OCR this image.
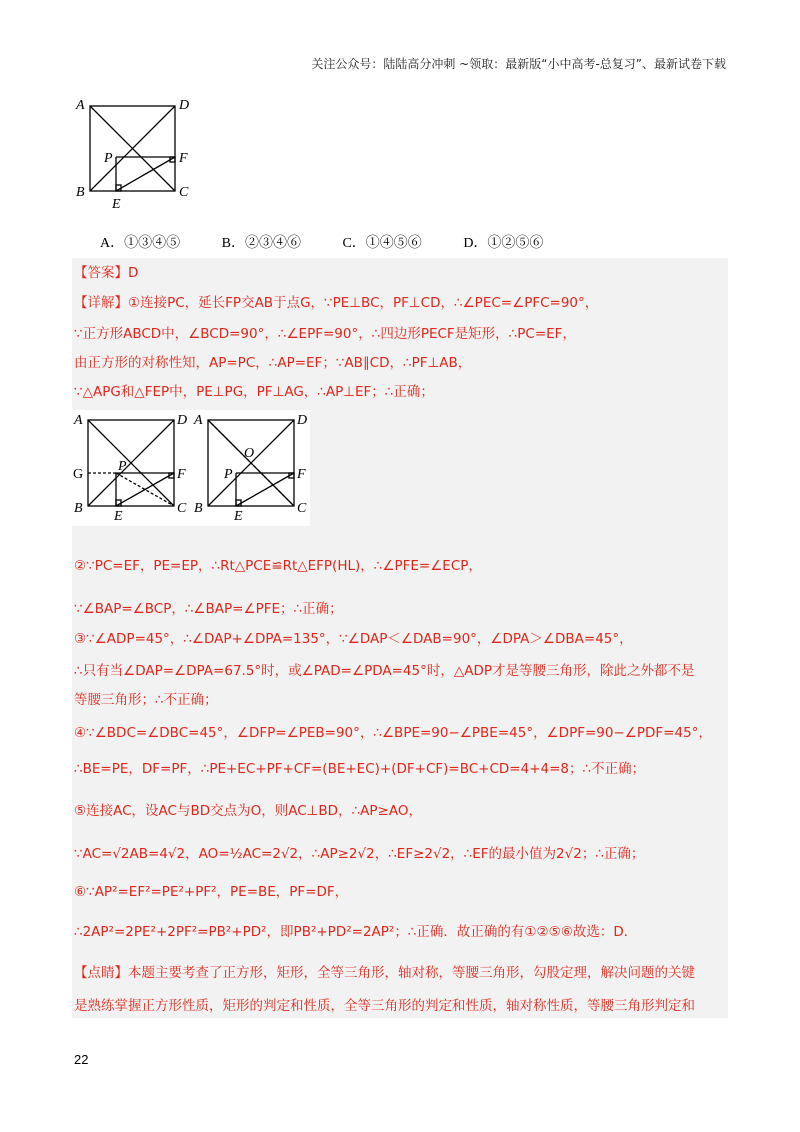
关注公众号：陆陆高分冲刺 ~领取：最新版“小中高考-总复习”、最新试卷下载
A	D
P	F
B
E
C
A．①③④⑤	B．②③④⑥	C．①④⑤⑥	D．①②⑤⑥
【答案】D
【详解】①连接PC，延长FP交AB于点G，∵PE⊥BC，PF⊥CD，∴∠PEC=∠PFC=90°，
∵正方形ABCD中，∠BCD=90°，∴∠EPF=90°，∴四边形PECF是矩形，∴PC=EF，
由正方形的对称性知，AP=PC，∴AP=EF；∵AB∥CD，∴PF⊥AB，
∵△APG和△FEP中，PE⊥PG，PF⊥AG，∴AP⊥EF；∴正确；
A	D
G
P
F
B
E
C
A	D
O
P	F
B
E
C
②∵PC=EF，PE=EP，∴Rt△PCE≌Rt△EFP(HL)，∴∠PFE=∠ECP，
∵∠BAP=∠BCP，∴∠BAP=∠PFE；∴正确；
③∵∠ADP=45°，∴∠DAP+∠DPA=135°，∵∠DAP＜∠DAB=90°，∠DPA＞∠DBA=45°，
∴只有当∠DAP=∠DPA=67.5°时，或∠PAD=∠PDA=45°时，△ADP才是等腰三角形，除此之外都不是
等腰三角形；∴不正确；
④∵∠BDC=∠DBC=45°，∠DFP=∠PEB=90°，∴∠BPE=90−∠PBE=45°，∠DPF=90−∠PDF=45°，
∴BE=PE，DF=PF，∴PE+EC+PF+CF=(BE+EC)+(DF+CF)=BC+CD=4+4=8；∴不正确；
⑤连接AC，设AC与BD交点为O，则AC⊥BD，∴AP≥AO，
∵AC=√2AB=4√2，AO=½AC=2√2，∴AP≥2√2，∴EF≥2√2，∴EF的最小值为2√2；∴正确；
⑥∵AP²=EF²=PE²+PF²，PE=BE，PF=DF，
∴2AP²=2PE²+2PF²=PB²+PD²，即PB²+PD²=2AP²；∴正确．故正确的有①②⑤⑥故选：D．
【点睛】本题主要考查了正方形，矩形，全等三角形，轴对称，等腰三角形，勾股定理，解决问题的关键
是熟练掌握正方形性质，矩形的判定和性质，全等三角形的判定和性质，轴对称性质，等腰三角形判定和
22
